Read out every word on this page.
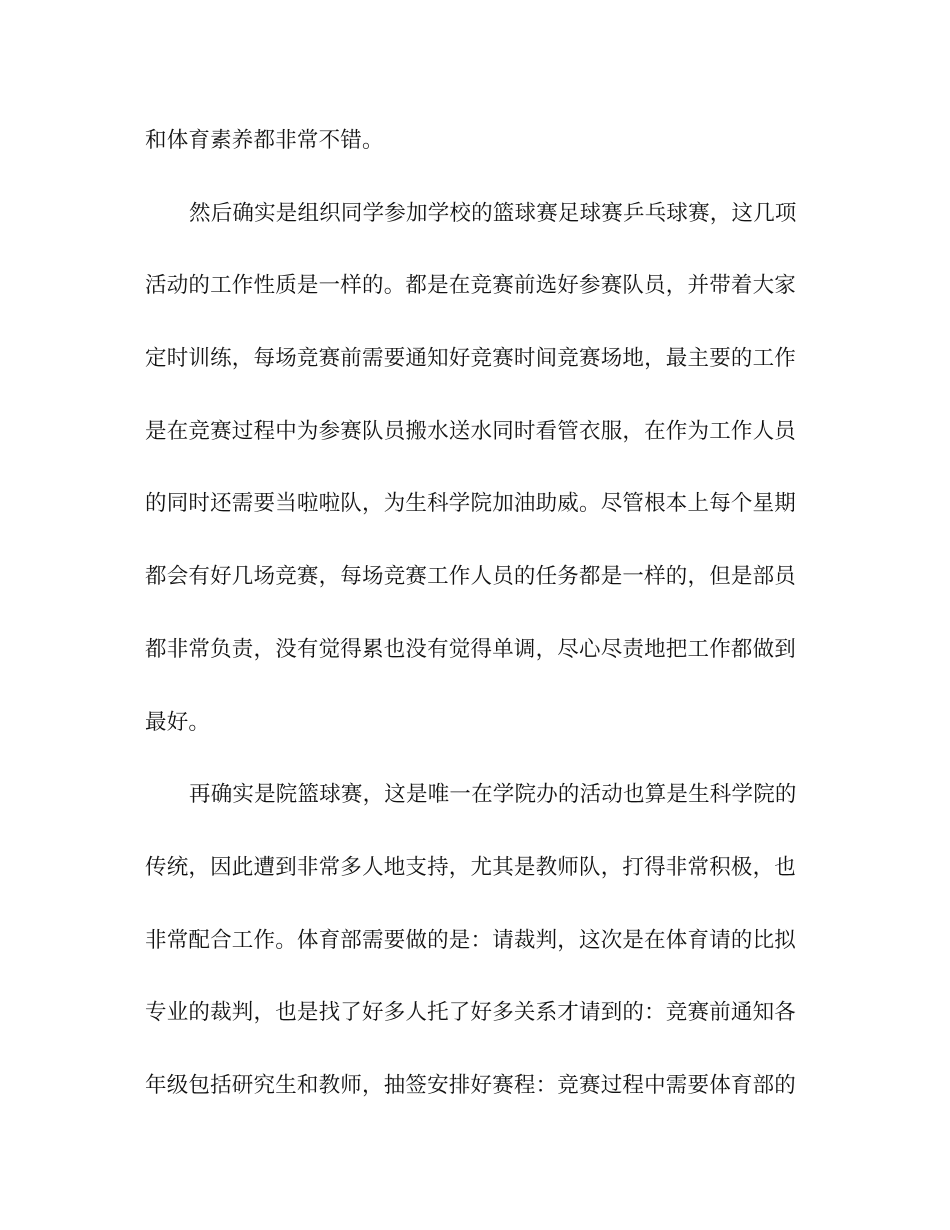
和体育素养都非常不错。
然后确实是组织同学参加学校的篮球赛足球赛乒乓球赛，这几项
活动的工作性质是一样的。都是在竞赛前选好参赛队员，并带着大家
定时训练，每场竞赛前需要通知好竞赛时间竞赛场地，最主要的工作
是在竞赛过程中为参赛队员搬水送水同时看管衣服，在作为工作人员
的同时还需要当啦啦队，为生科学院加油助威。尽管根本上每个星期
都会有好几场竞赛，每场竞赛工作人员的任务都是一样的，但是部员
都非常负责，没有觉得累也没有觉得单调，尽心尽责地把工作都做到
最好。
再确实是院篮球赛，这是唯一在学院办的活动也算是生科学院的
传统，因此遭到非常多人地支持，尤其是教师队，打得非常积极，也
非常配合工作。体育部需要做的是：请裁判，这次是在体育请的比拟
专业的裁判，也是找了好多人托了好多关系才请到的：竞赛前通知各
年级包括研究生和教师，抽签安排好赛程：竞赛过程中需要体育部的
